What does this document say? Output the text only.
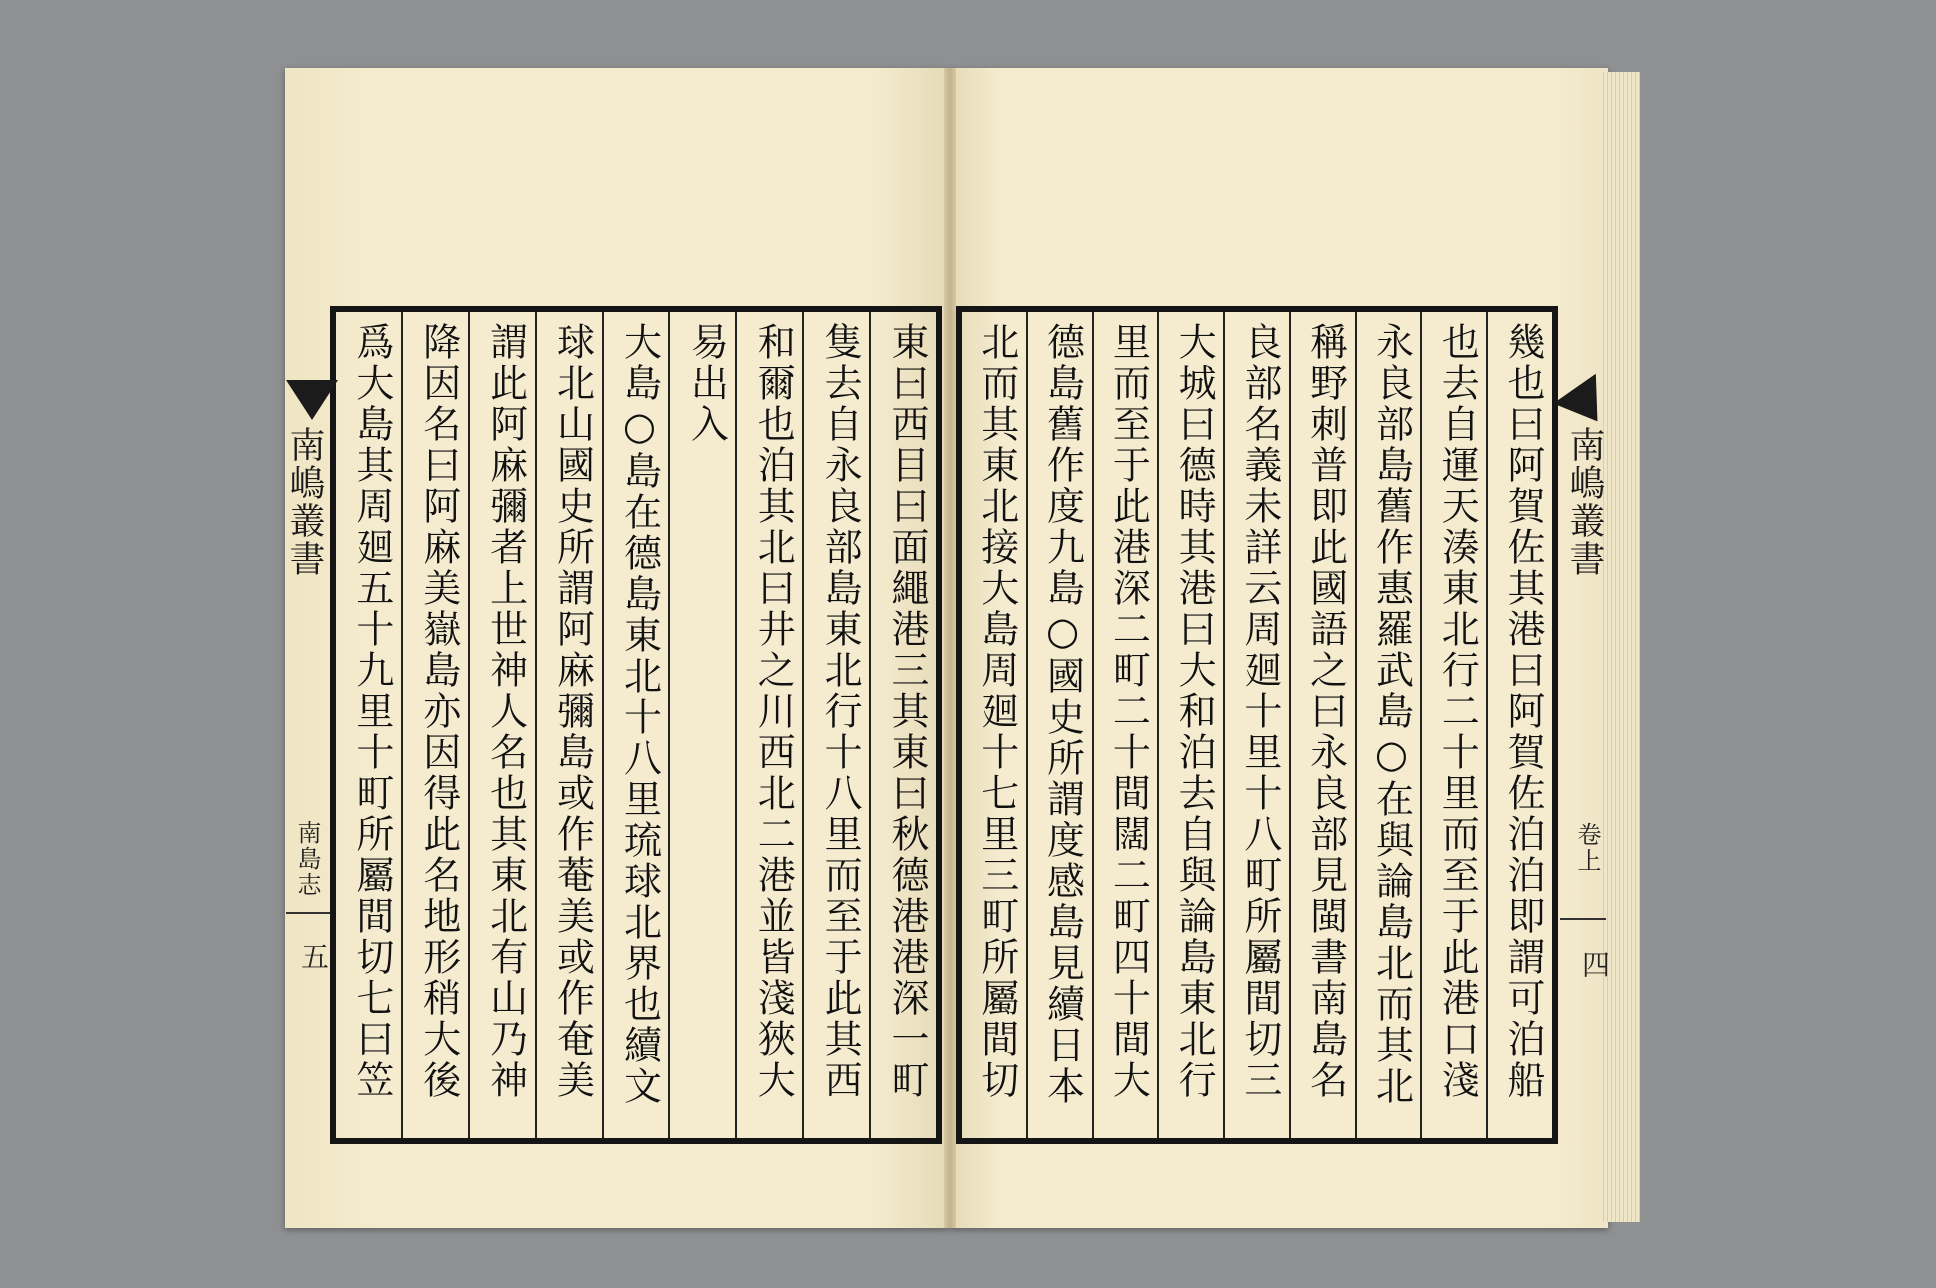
東曰西目曰面繩港三其東曰秋德港港深一町
隻去自永良部島東北行十八里而至于此其西
和爾也泊其北曰井之川西北二港並皆淺狹大
易出入
大島○島在德島東北十八里琉球北界也續文
球北山國史所謂阿麻彌島或作菴美或作奄美
謂此阿麻彌者上世神人名也其東北有山乃神
降因名曰阿麻美嶽島亦因得此名地形稍大後
爲大島其周廻五十九里十町所屬間切七曰笠
幾也曰阿賀佐其港曰阿賀佐泊泊即謂可泊船
也去自運天湊東北行二十里而至于此港口淺
永良部島舊作惠羅武島○在與論島北而其北
稱野刺普即此國語之曰永良部見閩書南島名
良部名義未詳云周廻十里十八町所屬間切三
大城曰德時其港曰大和泊去自與論島東北行
里而至于此港深二町二十間闊二町四十間大
德島舊作度九島○國史所謂度感島見續日本
北而其東北接大島周廻十七里三町所屬間切
南嶋叢書	南嶋叢書
南島志	卷上
五	四
